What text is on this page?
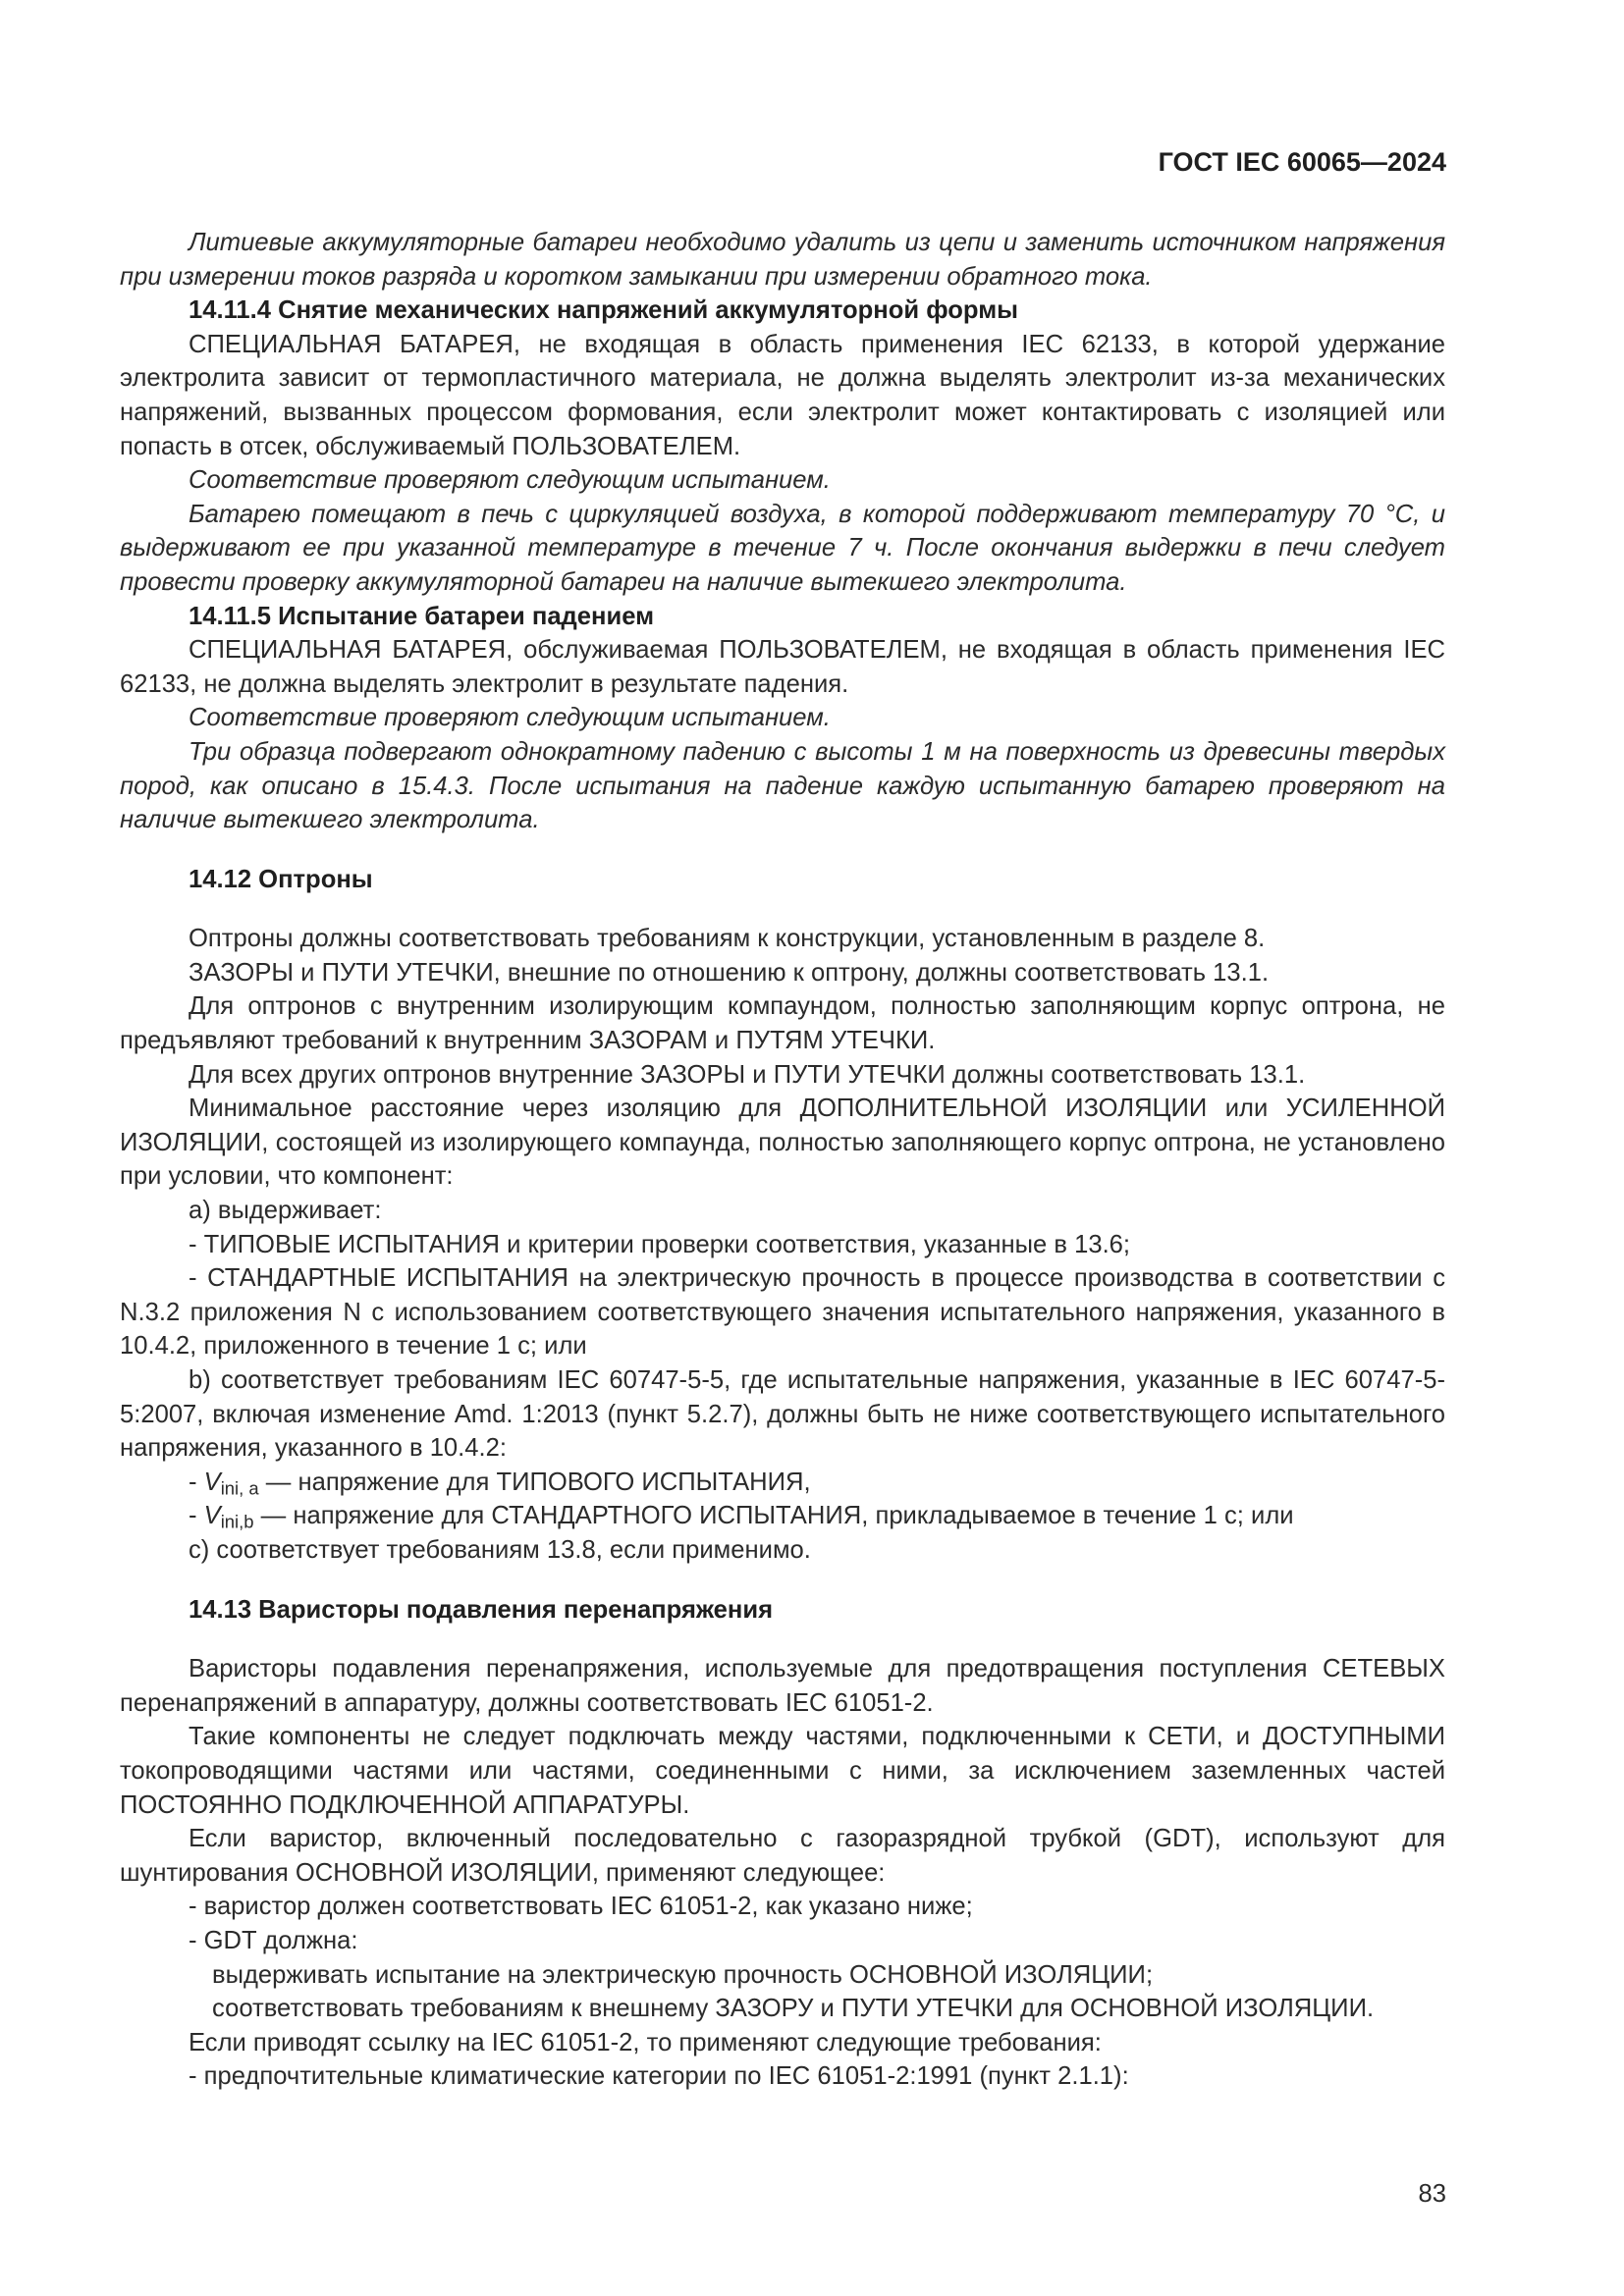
ГОСТ IEC 60065—2024

Литиевые аккумуляторные батареи необходимо удалить из цепи и заменить источником напряжения при измерении токов разряда и коротком замыкании при измерении обратного тока.

14.11.4 Снятие механических напряжений аккумуляторной формы

СПЕЦИАЛЬНАЯ БАТАРЕЯ, не входящая в область применения IEC 62133, в которой удержание электролита зависит от термопластичного материала, не должна выделять электролит из-за механических напряжений, вызванных процессом формования, если электролит может контактировать с изоляцией или попасть в отсек, обслуживаемый ПОЛЬЗОВАТЕЛЕМ.

Соответствие проверяют следующим испытанием.

Батарею помещают в печь с циркуляцией воздуха, в которой поддерживают температуру 70 °C, и выдерживают ее при указанной температуре в течение 7 ч. После окончания выдержки в печи следует провести проверку аккумуляторной батареи на наличие вытекшего электролита.

14.11.5 Испытание батареи падением

СПЕЦИАЛЬНАЯ БАТАРЕЯ, обслуживаемая ПОЛЬЗОВАТЕЛЕМ, не входящая в область применения IEC 62133, не должна выделять электролит в результате падения.

Соответствие проверяют следующим испытанием.

Три образца подвергают однократному падению с высоты 1 м на поверхность из древесины твердых пород, как описано в 15.4.3. После испытания на падение каждую испытанную батарею проверяют на наличие вытекшего электролита.

14.12 Оптроны

Оптроны должны соответствовать требованиям к конструкции, установленным в разделе 8.

ЗАЗОРЫ и ПУТИ УТЕЧКИ, внешние по отношению к оптрону, должны соответствовать 13.1.

Для оптронов с внутренним изолирующим компаундом, полностью заполняющим корпус оптрона, не предъявляют требований к внутренним ЗАЗОРАМ и ПУТЯМ УТЕЧКИ.

Для всех других оптронов внутренние ЗАЗОРЫ и ПУТИ УТЕЧКИ должны соответствовать 13.1.

Минимальное расстояние через изоляцию для ДОПОЛНИТЕЛЬНОЙ ИЗОЛЯЦИИ или УСИЛЕННОЙ ИЗОЛЯЦИИ, состоящей из изолирующего компаунда, полностью заполняющего корпус оптрона, не установлено при условии, что компонент:

a) выдерживает:

- ТИПОВЫЕ ИСПЫТАНИЯ и критерии проверки соответствия, указанные в 13.6;

- СТАНДАРТНЫЕ ИСПЫТАНИЯ на электрическую прочность в процессе производства в соответствии с N.3.2 приложения N с использованием соответствующего значения испытательного напряжения, указанного в 10.4.2, приложенного в течение 1 с; или

b) соответствует требованиям IEC 60747-5-5, где испытательные напряжения, указанные в IEC 60747-5-5:2007, включая изменение Amd. 1:2013 (пункт 5.2.7), должны быть не ниже соответствующего испытательного напряжения, указанного в 10.4.2:

- $V_{ini, a}$ — напряжение для ТИПОВОГО ИСПЫТАНИЯ,

- $V_{ini,b}$ — напряжение для СТАНДАРТНОГО ИСПЫТАНИЯ, прикладываемое в течение 1 с; или

c) соответствует требованиям 13.8, если применимо.

14.13 Варисторы подавления перенапряжения

Варисторы подавления перенапряжения, используемые для предотвращения поступления СЕТЕВЫХ перенапряжений в аппаратуру, должны соответствовать IEC 61051-2.

Такие компоненты не следует подключать между частями, подключенными к СЕТИ, и ДОСТУПНЫМИ токопроводящими частями или частями, соединенными с ними, за исключением заземленных частей ПОСТОЯННО ПОДКЛЮЧЕННОЙ АППАРАТУРЫ.

Если варистор, включенный последовательно с газоразрядной трубкой (GDT), используют для шунтирования ОСНОВНОЙ ИЗОЛЯЦИИ, применяют следующее:

- варистор должен соответствовать IEC 61051-2, как указано ниже;

- GDT должна:

выдерживать испытание на электрическую прочность ОСНОВНОЙ ИЗОЛЯЦИИ;

соответствовать требованиям к внешнему ЗАЗОРУ и ПУТИ УТЕЧКИ для ОСНОВНОЙ ИЗОЛЯЦИИ.

Если приводят ссылку на IEC 61051-2, то применяют следующие требования:

- предпочтительные климатические категории по IEC 61051-2:1991 (пункт 2.1.1):

83
